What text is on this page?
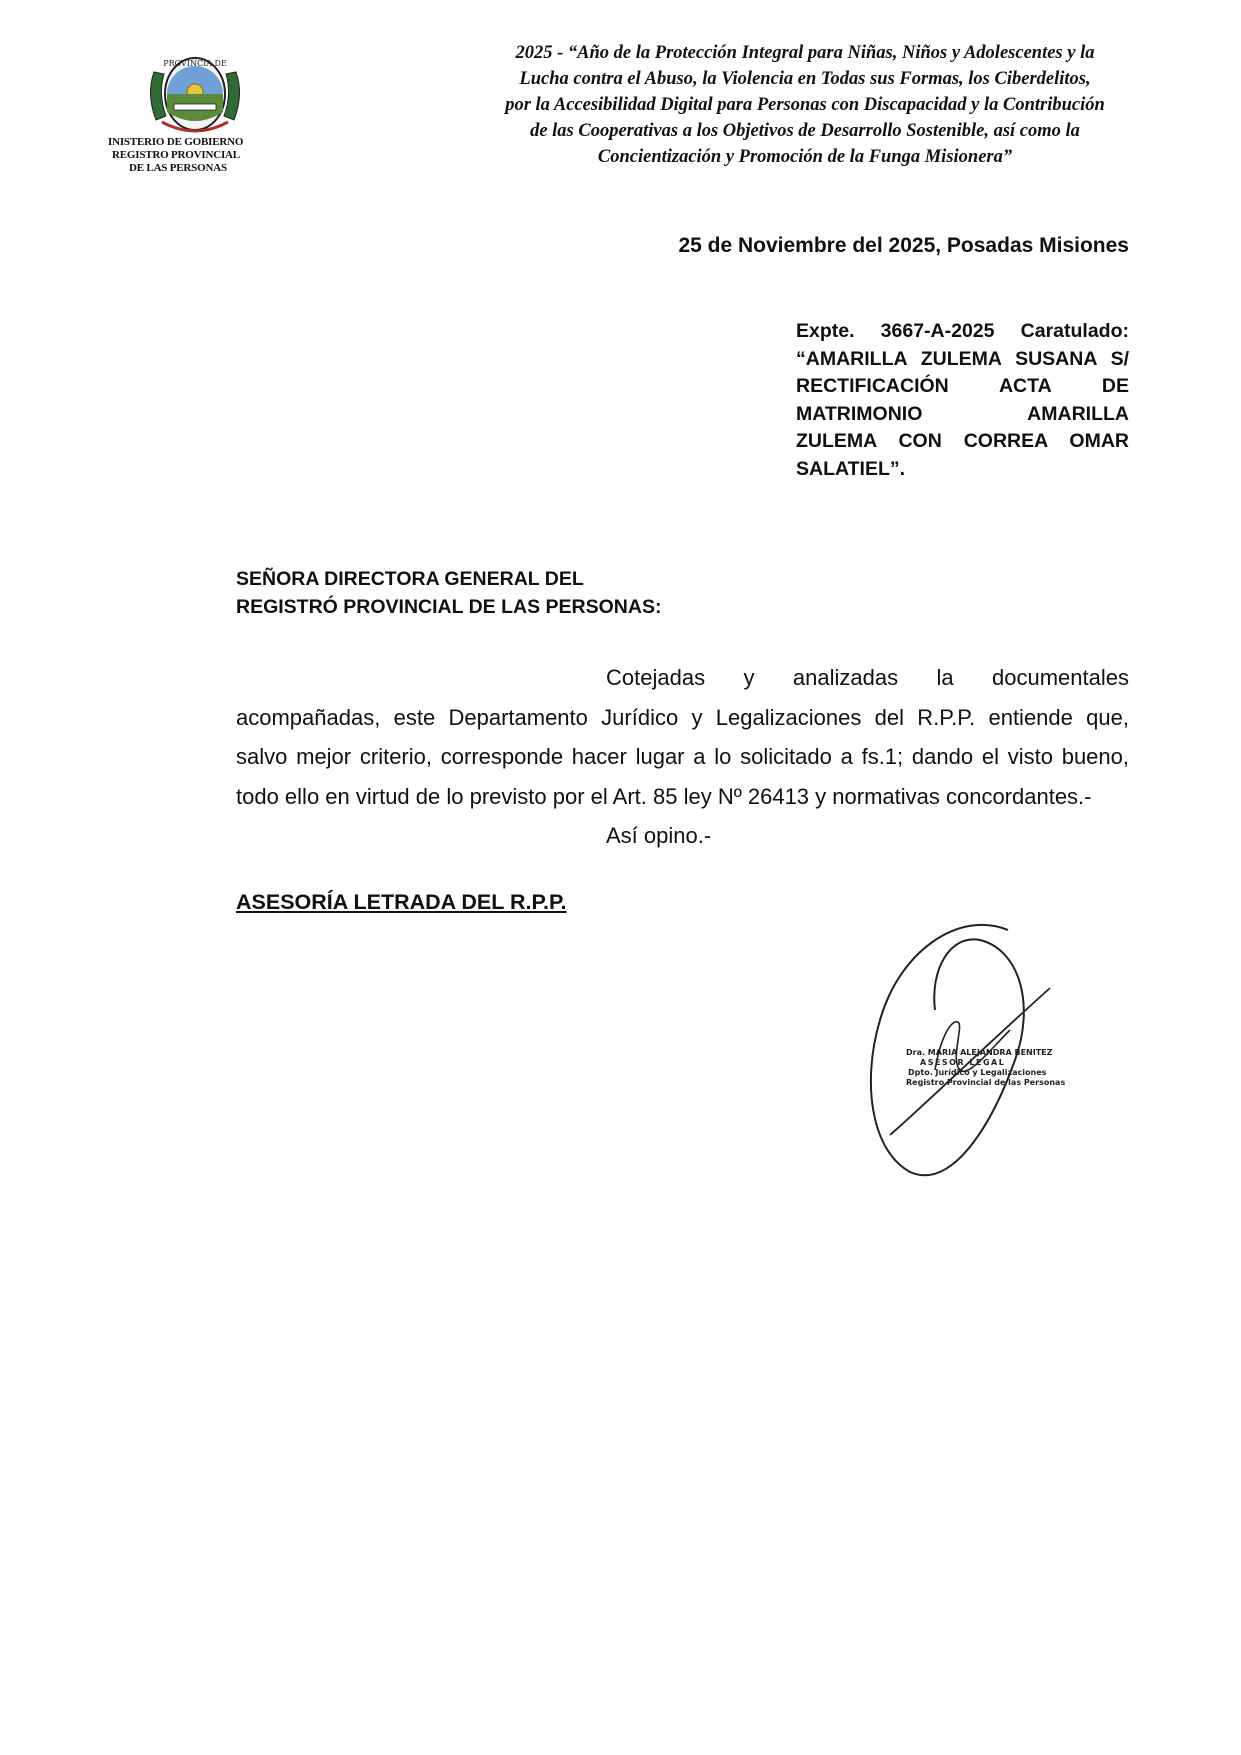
PROVINCIA DE
INISTERIO DE GOBIERNO
REGISTRO PROVINCIAL
DE LAS PERSONAS
2025 - “Año de la Protección Integral para Niñas, Niños y Adolescentes y la
Lucha contra el Abuso, la Violencia en Todas sus Formas, los Ciberdelitos,
por la Accesibilidad Digital para Personas con Discapacidad y la Contribución
de las Cooperativas a los Objetivos de Desarrollo Sostenible, así como la
Concientización y Promoción de la Funga Misionera”
25 de Noviembre del 2025, Posadas Misiones
Expte. 3667-A-2025 Caratulado:
“AMARILLA ZULEMA SUSANA S/
RECTIFICACIÓN ACTA DE
MATRIMONIO AMARILLA
ZULEMA CON CORREA OMAR
SALATIEL”.
SEÑORA DIRECTORA GENERAL DEL
REGISTRÓ PROVINCIAL DE LAS PERSONAS:
Cotejadas y analizadas la documentales
acompañadas, este Departamento Jurídico y Legalizaciones del R.P.P. entiende que,
salvo mejor criterio, corresponde hacer lugar a lo solicitado a fs.1; dando el visto bueno,
todo ello en virtud de lo previsto por el Art. 85 ley Nº 26413 y normativas concordantes.-
Así opino.-
ASESORÍA LETRADA DEL R.P.P.
Dra. MARIA ALEJANDRA BENITEZ
ASESOR LEGAL
Dpto. Jurídico y Legalizaciones
Registro Provincial de las Personas
